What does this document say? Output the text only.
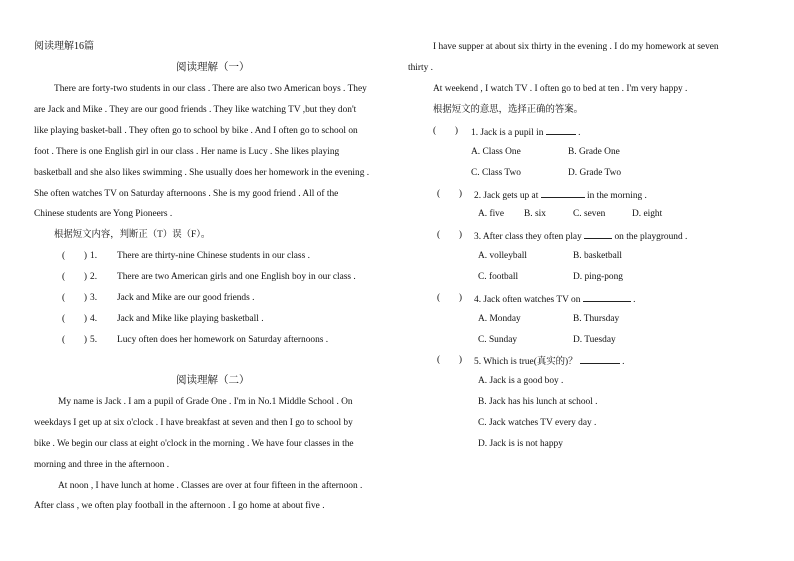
阅读理解16篇
阅读理解（一）
There are forty-two students in our class . There are also two American boys . They
are Jack and Mike . They are our good friends . They like watching TV ,but they don't
like playing basket-ball . They often go to school by bike . And I often go to school on
foot . There is one English girl in our class . Her name is Lucy . She likes playing
basketball and she also likes swimming . She usually does her homework in the evening .
She often watches TV on Saturday afternoons . She is my good friend . All of the
Chinese students are Yong Pioneers .
根据短文内容，判断正（T）误（F）。
(　　) 1. There are thirty-nine Chinese students in our class .
(　　) 2. There are two American girls and one English boy in our class .
(　　) 3. Jack and Mike are our good friends .
(　　) 4. Jack and Mike like playing basketball .
(　　) 5. Lucy often does her homework on Saturday afternoons .
阅读理解（二）
My name is Jack . I am a pupil of Grade One . I'm in No.1 Middle School . On
weekdays I get up at six o'clock . I have breakfast at seven and then I go to school by
bike . We begin our class at eight o'clock in the morning . We have four classes in the
morning and three in the afternoon .
At noon , I have lunch at home . Classes are over at four fifteen in the afternoon .
After class , we often play football in the afternoon . I go home at about five .
I have supper at about six thirty in the evening . I do my homework at seven
thirty .
At weekend , I watch TV . I often go to bed at ten . I'm very happy .
根据短文的意思，选择正确的答案。
(　　) 1. Jack is a pupil in	.
A. Class One	B. Grade One
C. Class Two	D. Grade Two
(　　) 2. Jack gets up at	in the morning .
A. five B. six	C. seven	D. eight
(　　) 3. After class they often play	on the playground .
A. volleyball	B. basketball
C. football	D. ping-pong
(　　) 4. Jack often watches TV on	.
A. Monday	B. Thursday
C. Sunday	D. Tuesday
(　　) 5. Which is true(真实的)？	.
A. Jack is a good boy .
B. Jack has his lunch at school .
C. Jack watches TV every day .
D. Jack is is not happy
